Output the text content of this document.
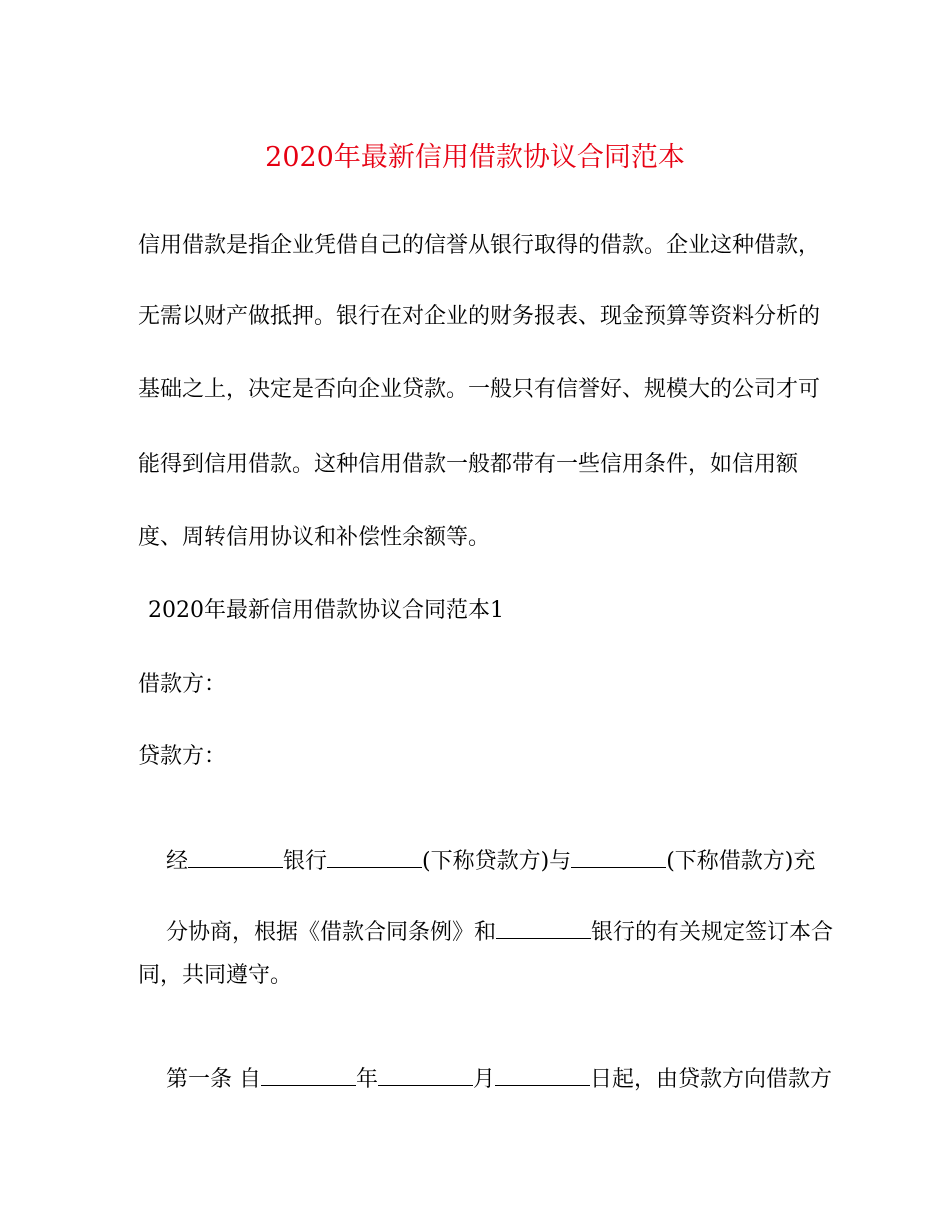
2020年最新信用借款协议合同范本
信用借款是指企业凭借自己的信誉从银行取得的借款。企业这种借款，
无需以财产做抵押。银行在对企业的财务报表、现金预算等资料分析的
基础之上，决定是否向企业贷款。一般只有信誉好、规模大的公司才可
能得到信用借款。这种信用借款一般都带有一些信用条件，如信用额
度、周转信用协议和补偿性余额等。
2020年最新信用借款协议合同范本1
借款方：
贷款方：

经	银行	(下称贷款方)与	(下称借款方)充

分协商，根据《借款合同条例》和	银行的有关规定签订本合

同，共同遵守。

第一条 自	年	月	日起，由贷款方向借款方
